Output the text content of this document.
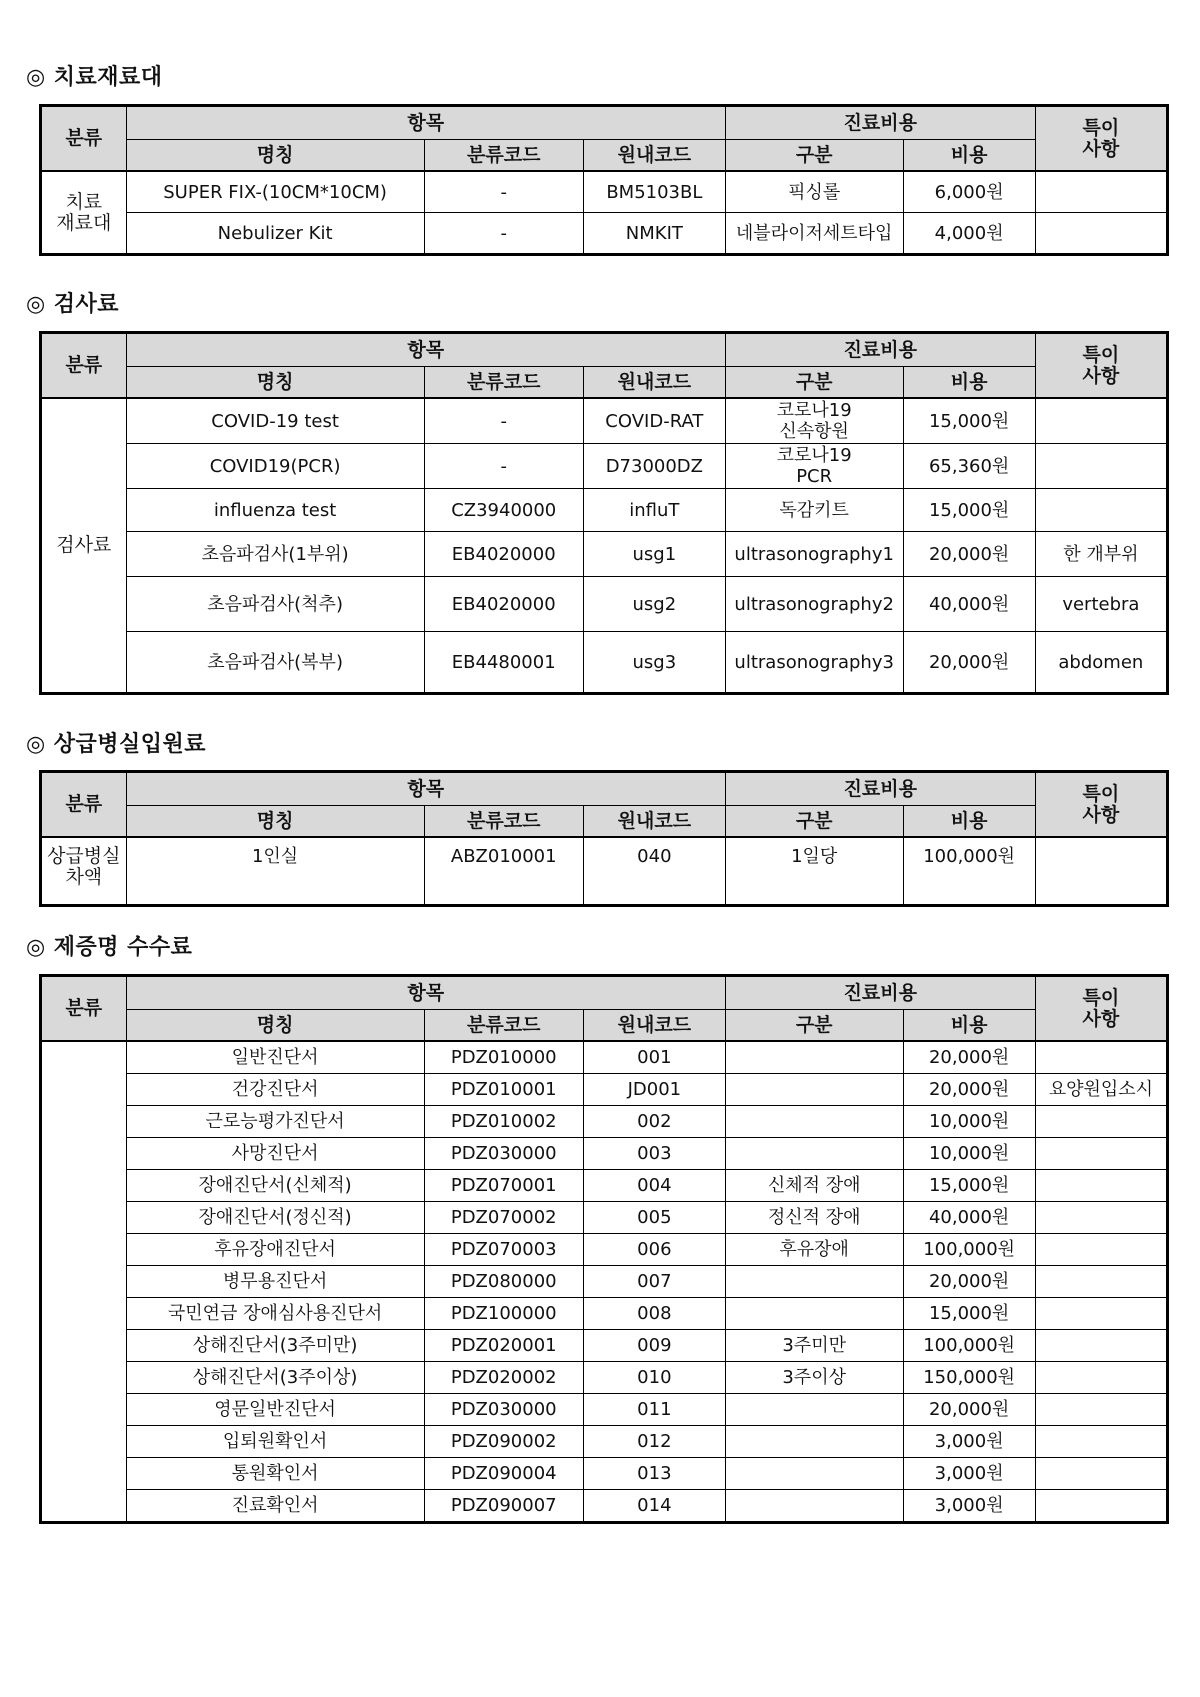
◎ 치료재료대
분류	항목			진료비용		특이
사항
	명칭	분류코드	원내코드	구분	비용	
치료
재료대	SUPER FIX-(10CM*10CM)	-	BM5103BL	픽싱롤	6,000원	
	Nebulizer Kit	-	NMKIT	네블라이저세트타입	4,000원	
◎ 검사료
분류	항목			진료비용		특이
사항
	명칭	분류코드	원내코드	구분	비용	
검사료	COVID-19 test	-	COVID-RAT	코로나19
신속항원	15,000원	
	COVID19(PCR)	-	D73000DZ	코로나19
PCR	65,360원	
	influenza test	CZ3940000	influT	독감키트	15,000원	
	초음파검사(1부위)	EB4020000	usg1	ultrasonography1	20,000원	한 개부위
	초음파검사(척추)	EB4020000	usg2	ultrasonography2	40,000원	vertebra
	초음파검사(복부)	EB4480001	usg3	ultrasonography3	20,000원	abdomen
◎ 상급병실입원료
분류	항목			진료비용		특이
사항
	명칭	분류코드	원내코드	구분	비용	
상급병실
차액	1인실	ABZ010001	040	1일당	100,000원	
◎ 제증명 수수료
분류	항목			진료비용		특이
사항
	명칭	분류코드	원내코드	구분	비용	
	일반진단서	PDZ010000	001		20,000원	
	건강진단서	PDZ010001	JD001		20,000원	요양원입소시
	근로능평가진단서	PDZ010002	002		10,000원	
	사망진단서	PDZ030000	003		10,000원	
	장애진단서(신체적)	PDZ070001	004	신체적 장애	15,000원	
	장애진단서(정신적)	PDZ070002	005	정신적 장애	40,000원	
	후유장애진단서	PDZ070003	006	후유장애	100,000원	
	병무용진단서	PDZ080000	007		20,000원	
	국민연금 장애심사용진단서	PDZ100000	008		15,000원	
	상해진단서(3주미만)	PDZ020001	009	3주미만	100,000원	
	상해진단서(3주이상)	PDZ020002	010	3주이상	150,000원	
	영문일반진단서	PDZ030000	011		20,000원	
	입퇴원확인서	PDZ090002	012		3,000원	
	통원확인서	PDZ090004	013		3,000원	
	진료확인서	PDZ090007	014		3,000원	
